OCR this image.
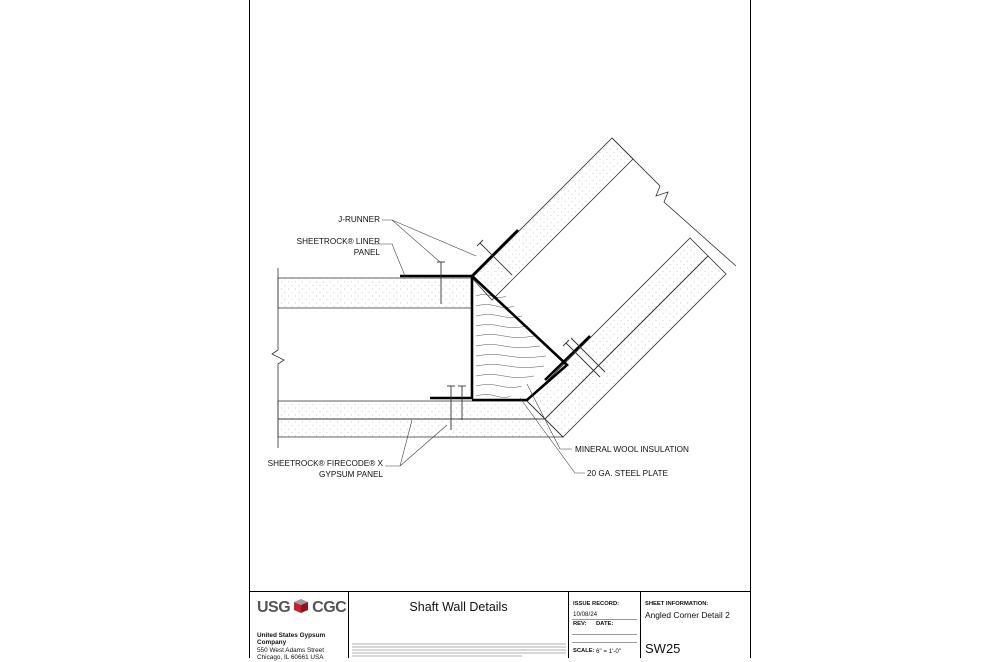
J-RUNNER
SHEETROCK® LINER
PANEL
MINERAL WOOL INSULATION
20 GA. STEEL PLATE
SHEETROCK® FIRECODE® X
GYPSUM PANEL
USG CGC
United States Gypsum Company
550 West Adams Street
Chicago, IL 60661 USA
Shaft Wall Details	ISSUE RECORD:
10/08/24
REV: DATE:
SCALE: 6" = 1'-0"
SHEET INFORMATION:
Angled Corner Detail 2
SW25
